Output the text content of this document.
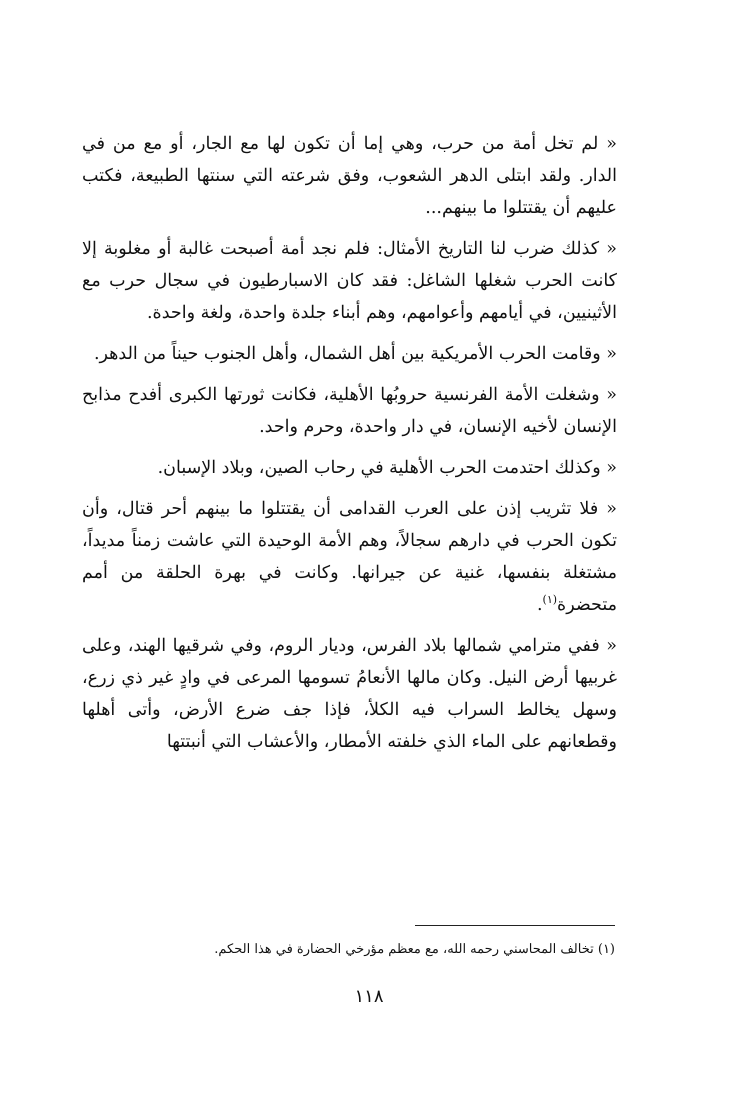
« لم تخل أمة من حرب، وهي إما أن تكون لها مع الجار، أو مع من في الدار. ولقد ابتلى الدهر الشعوب، وفق شرعته التي سنتها الطبيعة، فكتب عليهم أن يقتتلوا ما بينهم...

« كذلك ضرب لنا التاريخ الأمثال: فلم نجد أمة أصبحت غالبة أو مغلوبة إلا كانت الحرب شغلها الشاغل: فقد كان الاسبارطيون في سجال حرب مع الأثينيين، في أيامهم وأعوامهم، وهم أبناء جلدة واحدة، ولغة واحدة.

« وقامت الحرب الأمريكية بين أهل الشمال، وأهل الجنوب حيناً من الدهر.

« وشغلت الأمة الفرنسية حروبُها الأهلية، فكانت ثورتها الكبرى أفدح مذابح الإنسان لأخيه الإنسان، في دار واحدة، وحرم واحد.

« وكذلك احتدمت الحرب الأهلية في رحاب الصين، وبلاد الإسبان.

« فلا تثريب إذن على العرب القدامى أن يقتتلوا ما بينهم أحر قتال، وأن تكون الحرب في دارهم سجالاً، وهم الأمة الوحيدة التي عاشت زمناً مديداً، مشتغلة بنفسها، غنية عن جيرانها. وكانت في بهرة الحلقة من أمم متحضرة$^{(١)}$.

« ففي مترامي شمالها بلاد الفرس، وديار الروم، وفي شرقيها الهند، وعلى غربيها أرض النيل. وكان مالها الأنعامُ تسومها المرعى في وادٍ غير ذي زرع، وسهل يخالط السراب فيه الكلأ، فإذا جف ضرع الأرض، وأتى أهلها وقطعانهم على الماء الذي خلفته الأمطار، والأعشاب التي أنبتتها

(١) تخالف المحاسني رحمه الله، مع معظم مؤرخي الحضارة في هذا الحكم.
١١٨
